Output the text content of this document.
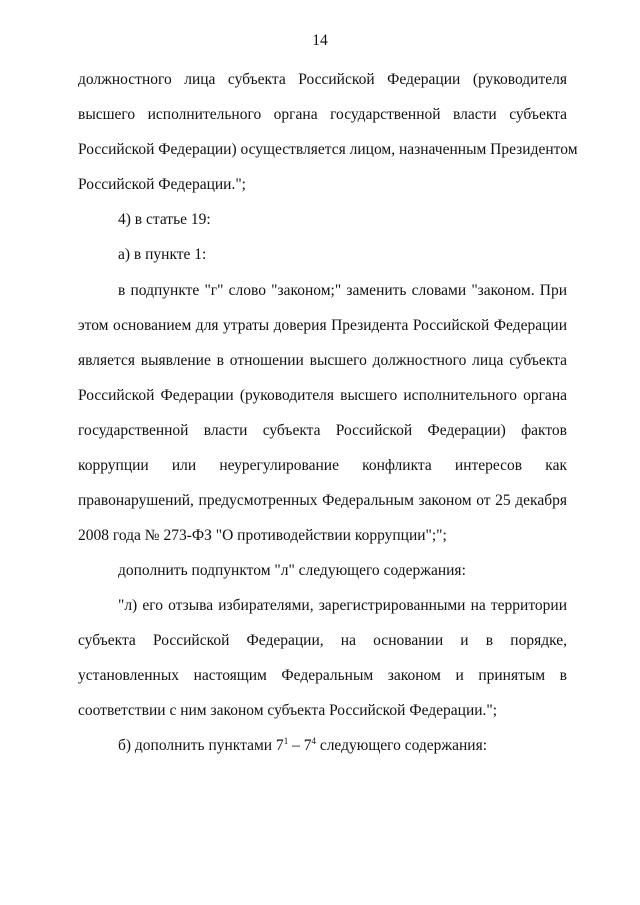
14
должностного лица субъекта Российской Федерации (руководителя
высшего исполнительного органа государственной власти субъекта
Российской Федерации) осуществляется лицом, назначенным Президентом
Российской Федерации.";
4) в статье 19:
а) в пункте 1:
в подпункте "г" слово "законом;" заменить словами "законом. При
этом основанием для утраты доверия Президента Российской Федерации
является выявление в отношении высшего должностного лица субъекта
Российской Федерации (руководителя высшего исполнительного органа
государственной власти субъекта Российской Федерации) фактов
коррупции или неурегулирование конфликта интересов как
правонарушений, предусмотренных Федеральным законом от 25 декабря
2008 года № 273-ФЗ "О противодействии коррупции";";
дополнить подпунктом "л" следующего содержания:
"л) его отзыва избирателями, зарегистрированными на территории
субъекта Российской Федерации, на основании и в порядке,
установленных настоящим Федеральным законом и принятым в
соответствии с ним законом субъекта Российской Федерации.";
б) дополнить пунктами $7^1 - 7^4$ следующего содержания:
